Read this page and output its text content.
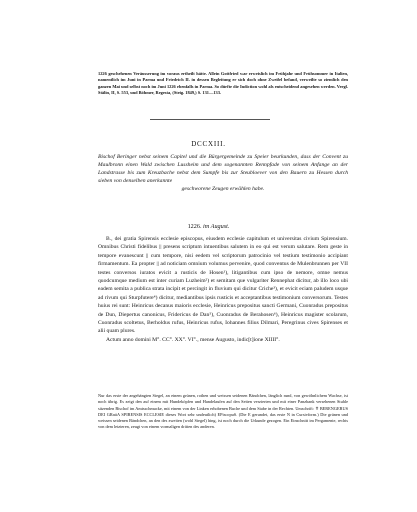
1226 geschehenen Veräusserung im voraus ertheilt hätte. Allein Gottfried war erweislich im Frühjahr und Frühsommer in Italien, namentlich im Juni in Parma und Friedrich II. in dessen Begleitung er sich doch ohne Zweifel befand, verweilte so ziemlich den ganzen Mai und selbst noch im Juni 1226 ebenfalls in Parma. So dürfte die Indiction wohl als entscheidend angesehen werden. Vergl. Stälin, II, S. 553, und Böhmer, Regesta, (Steig. 1849,) S. 131—133.
DCCXIII.
Bischof Beringer nebst seinem Capitel und die Bürgergemeinde zu Speier beurkunden, dass der Convent zu Maulbronn einen Wald zwischen Lussheim und dem sogenannten Rennpfade von seinem Anfange an der Landstrasse bis zum Kreuzbache nebst dem Sumpfe bis zur Steubloever von den Bauern zu Hessen durch sieben von denselben anerkannte
geschworene Zeugen erwählen habe.
1226. im August.

B., dei gratia Spirensis ecclesie episcopus, eiusdem ecclesie capitulum et universitas civium Spirensium. Omnibus Christi fidelibus || presens scriptum intuentibus salutem in eo qui est verum salutare. Rem geste in tempore evanescunt || cum tempore, nisi eedem vel scriptorum patrocinio vel testium testimonio accipiant firmamentum. Ea propter || ad noticiam omnium volumus pervenire, quod conventus de Mulenbrunnen per VII testes conversos iuratos evicit a rusticis de Hosen¹), litigantibus cum ipso de nemore, omne nemus quodcumque medium est inter curiam Luzheim²) et semitam que vulgariter Rennephat dicitur, ab illo loco ubi eadem semita a publica strata incipit et percingit in fluvium qui dicitur Criche³), et evicit eciam paludem usque ad rivum qui Sturpfutere⁴) dicitur, mediantibus ipsis rusticis et acceptantibus testimonium conversorum. Testes huius rei sunt: Heinricus decanus maioris ecclesie, Heinricus prepositus sancti Germani, Cuonradus prepositus de Dun, Diepertus canonicus, Fridericus de Dan⁵), Cuonradus de Berahosen⁶), Heinricus magister scolarum, Cuonradus scoltetus, Berholdus rufus, Heinricus rufus, Iohannes filius Dilmari, Peregrinus cives Spirenses et alii quam plures.

Actum anno domini M°. CC°. XX°. VI°., mense Augusto, indic[t]ione XIIII°.

Nur das erste der angehängten Siegel, an einem grünen, rothen und weissen seidenen Bändchen, länglich rund, von gewöhnlichem Wachse, ist noch übrig. Es zeigt den auf einem mit Hundeköpfen und Handelaufen auf den Seiten verzierten und mit einer Panzbank versehenen Stuhle sitzenden Bischof im Amtsschmucke, mit einem von der Linken erhobenen Buche und dem Stabe in der Rechten. Umschrift: ✝ BERENGERUS DEI GRatiA SPIRENSIS ECCLESIE dieses Wort sehr undeutlich) EPiscopuS. (Die E gerundet, das erste N in Cursivform.) Die grünen und weissen seidenen Bändchen, an den des zweiten (wohl Siegel) hing, ist noch durch die Urkunde gezogen. Ein Einschnitt im Pergamente, rechts von dem letzteren, zeugt von einem vormaligen dritten des anderen.
